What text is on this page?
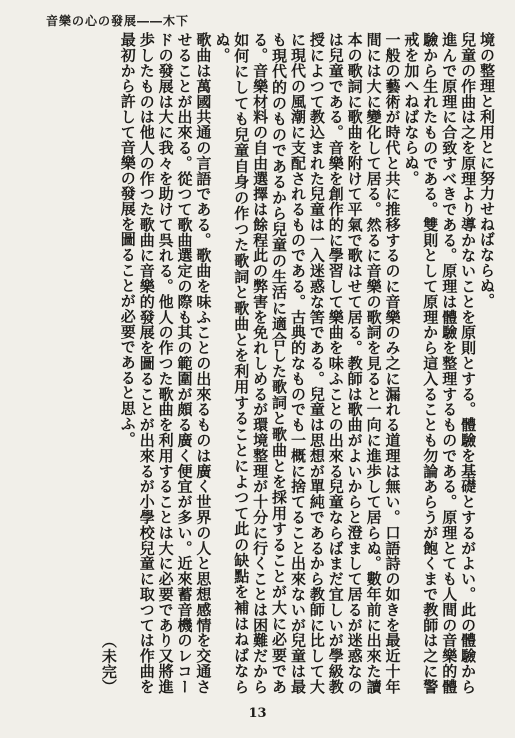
音樂の心の發展――木下

境の整理と利用とに努力せねばならぬ。

兒童の作曲は之を原理より導かないことを原則とする。體驗を基礎とするがよい。此の體驗から進んで原理に合致すべきである。原理は體驗を整理するものである。原理とても人間の音樂的體驗から生れたものである。雙則として原理から這入ることも勿論あらうが飽くまで教師は之に警戒を加へねばならぬ。

一般の藝術が時代と共に推移するのに音樂のみ之に漏れる道理は無い。口語詩の如きを最近十年間には大に變化して居る。然るに音樂の歌詞を見ると一向に進歩して居らぬ。數年前に出來た讀本の歌詞に歌曲を附けて平氣で歌はせて居る。教師は歌曲がよいからと澄まして居るが迷惑なのは兒童である。音樂を創作的に學習して樂曲を味ふことの出來る兒童ならばまだ宜しいが學級教授によつて教込まれた兒童は一入迷惑な筈である。兒童は思想が單純であるから教師に比して大に現代の風潮に支配されるものである。古典的なものでも一概に捨てること出來ないが兒童は最も現代的のものであるから兒童の生活に適合した歌詞と歌曲とを採用することが大に必要である。音樂材料の自由選擇は餘程此の弊害を免れしめるが環境整理が十分に行くことは困難だから如何にしても兒童自身の作つた歌詞と歌曲とを利用することによつて此の缺點を補はねばならぬ。

歌曲は萬國共通の言語である。歌曲を味ふことの出來るものは廣く世界の人と思想感情を交通させることが出來る。從つて歌曲選定の際も其の範圍が頗る廣く便宜が多い。近來蓄音機のレコードの發展は大に我々を助けて呉れる。他人の作つた歌曲を利用することは大に必要であり又將進歩したものは他人の作つた歌曲に音樂的發展を圖ることが出來るが小學校兒童に取つては作曲を最初から許して音樂の發展を圖ることが必要であると思ふ。

（未完）

13
